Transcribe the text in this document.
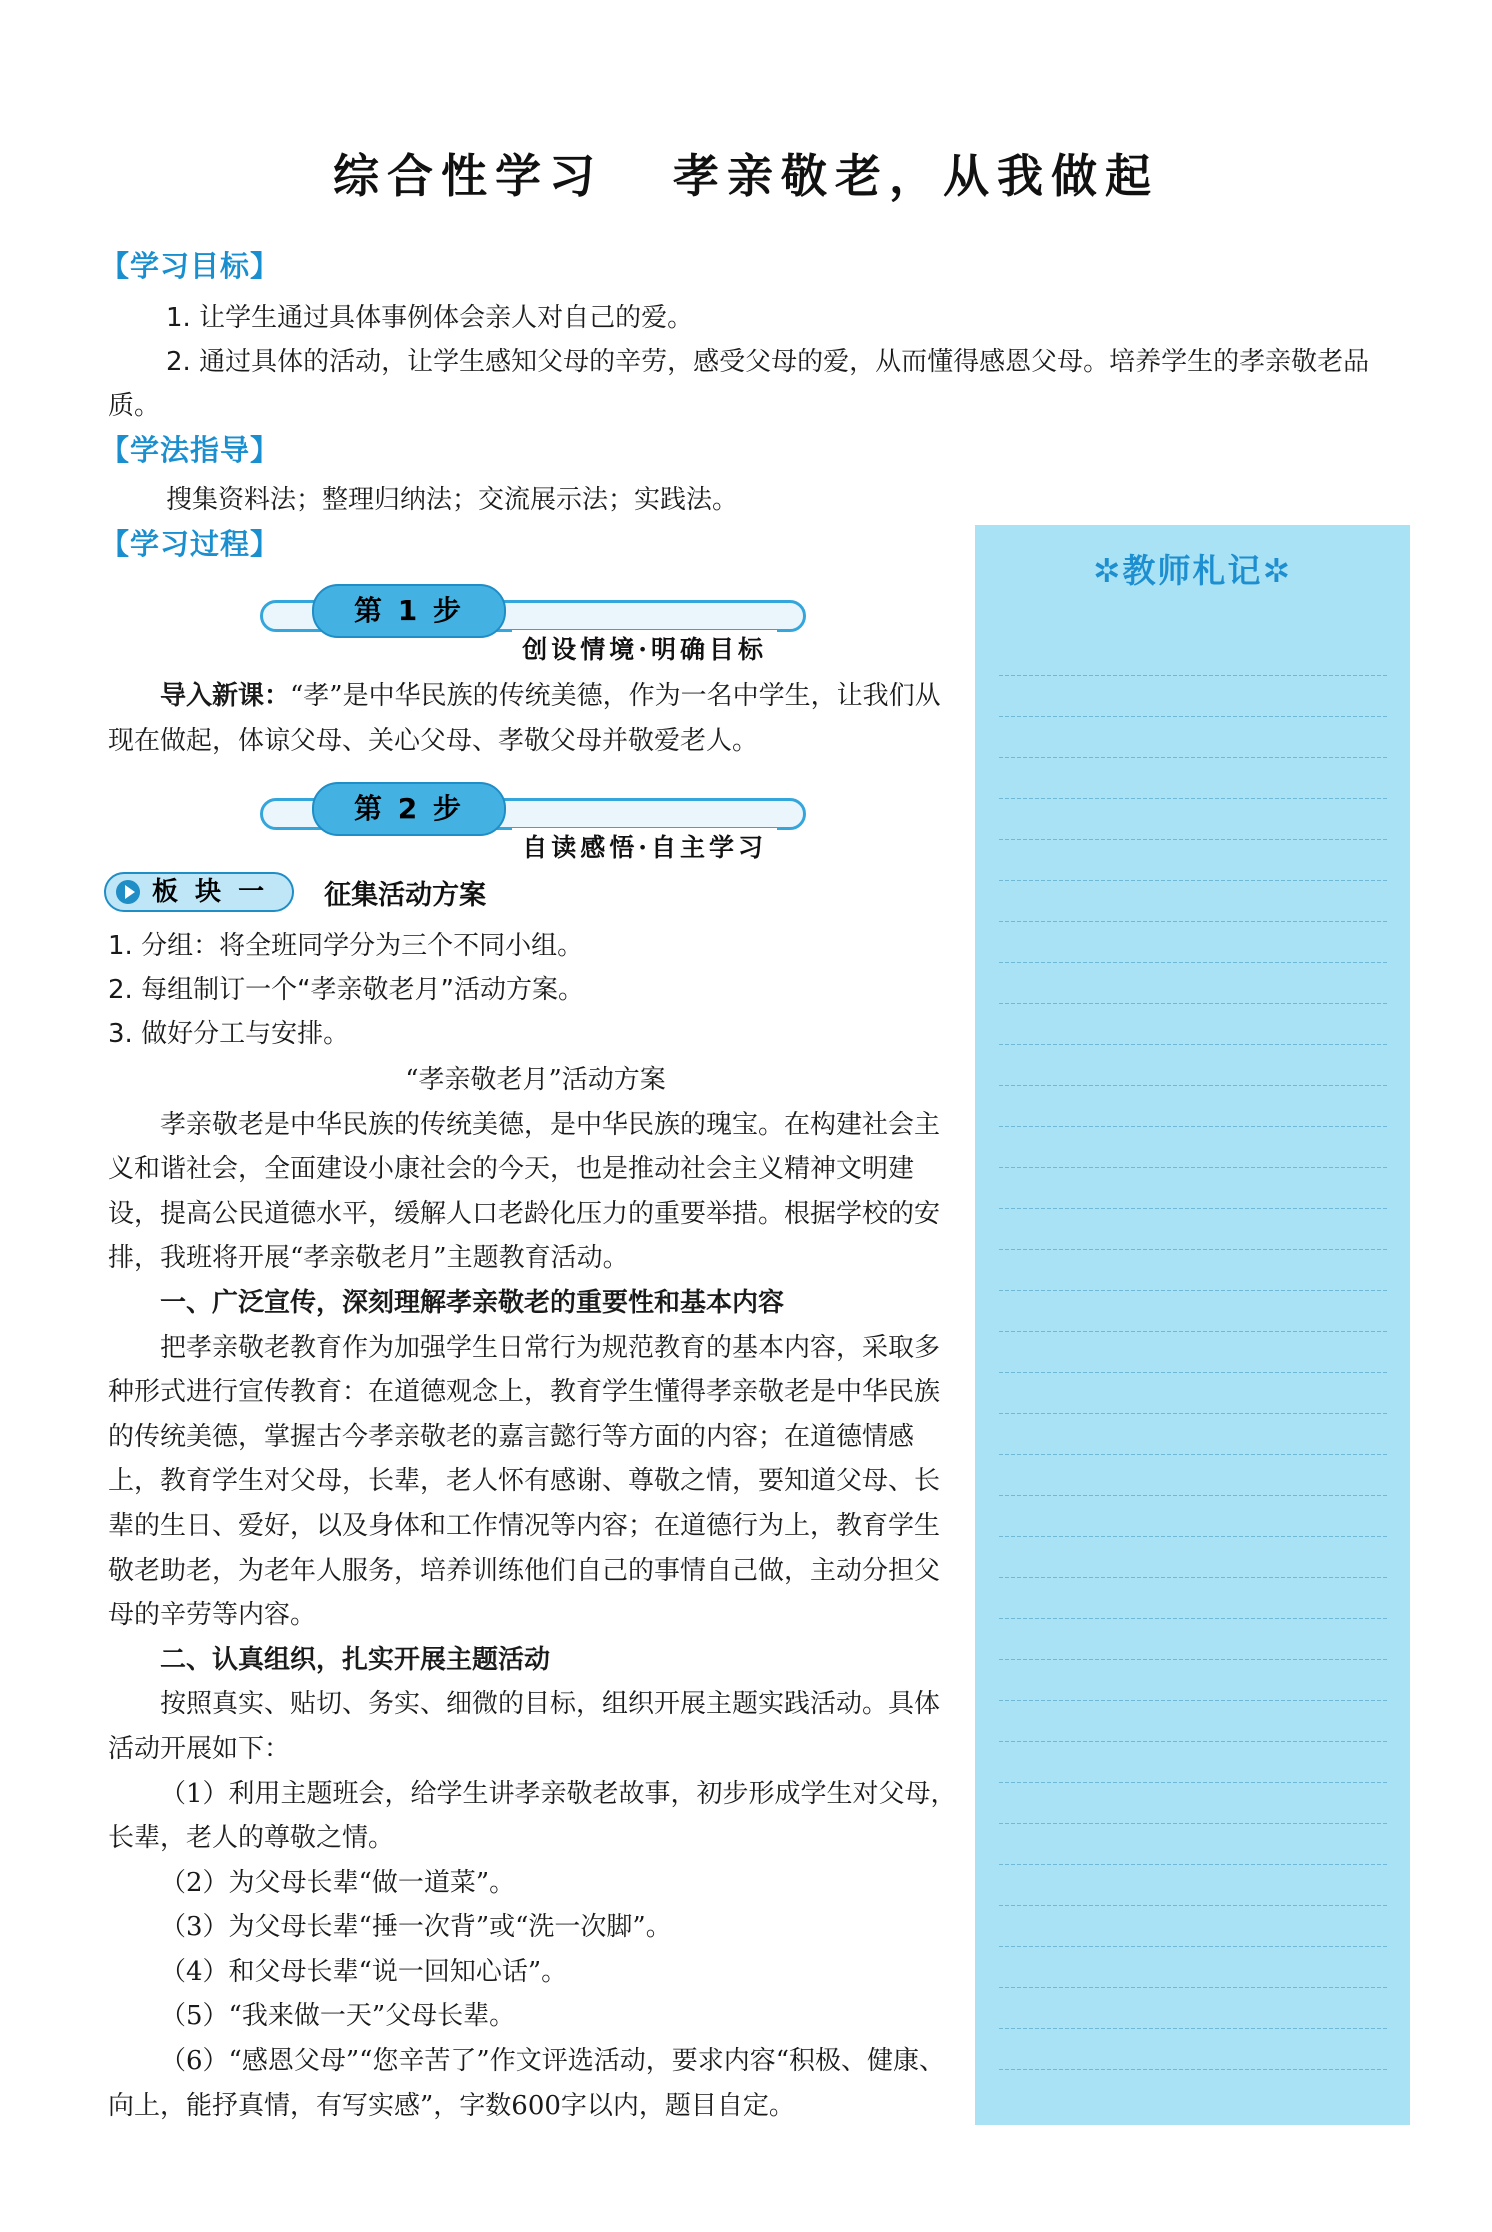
综合性学习 孝亲敬老，从我做起
【学习目标】
1. 让学生通过具体事例体会亲人对自己的爱。
2. 通过具体的活动，让学生感知父母的辛劳，感受父母的爱，从而懂得感恩父母。培养学生的孝亲敬老品质。
【学法指导】
搜集资料法；整理归纳法；交流展示法；实践法。
【学习过程】
第 1 步
创设情境·明确目标

导入新课：“孝”是中华民族的传统美德，作为一名中学生，让我们从现在做起，体谅父母、关心父母、孝敬父母并敬爱老人。

第 2 步
自读感悟·自主学习
板 块 一 征集活动方案
1. 分组：将全班同学分为三个不同小组。
2. 每组制订一个“孝亲敬老月”活动方案。
3. 做好分工与安排。

“孝亲敬老月”活动方案

孝亲敬老是中华民族的传统美德，是中华民族的瑰宝。在构建社会主义和谐社会，全面建设小康社会的今天，也是推动社会主义精神文明建设，提高公民道德水平，缓解人口老龄化压力的重要举措。根据学校的安排，我班将开展“孝亲敬老月”主题教育活动。

一、广泛宣传，深刻理解孝亲敬老的重要性和基本内容

把孝亲敬老教育作为加强学生日常行为规范教育的基本内容，采取多种形式进行宣传教育：在道德观念上，教育学生懂得孝亲敬老是中华民族的传统美德，掌握古今孝亲敬老的嘉言懿行等方面的内容；在道德情感上，教育学生对父母，长辈，老人怀有感谢、尊敬之情，要知道父母、长辈的生日、爱好，以及身体和工作情况等内容；在道德行为上，教育学生敬老助老，为老年人服务，培养训练他们自己的事情自己做，主动分担父母的辛劳等内容。

二、认真组织，扎实开展主题活动

按照真实、贴切、务实、细微的目标，组织开展主题实践活动。具体活动开展如下：

（1）利用主题班会，给学生讲孝亲敬老故事，初步形成学生对父母，长辈，老人的尊敬之情。

（2）为父母长辈“做一道菜”。

（3）为父母长辈“捶一次背”或“洗一次脚”。

（4）和父母长辈“说一回知心话”。

（5）“我来做一天”父母长辈。

（6）“感恩父母”“您辛苦了”作文评选活动，要求内容“积极、健康、向上，能抒真情，有写实感”，字数600字以内，题目自定。

✲教师札记✲
